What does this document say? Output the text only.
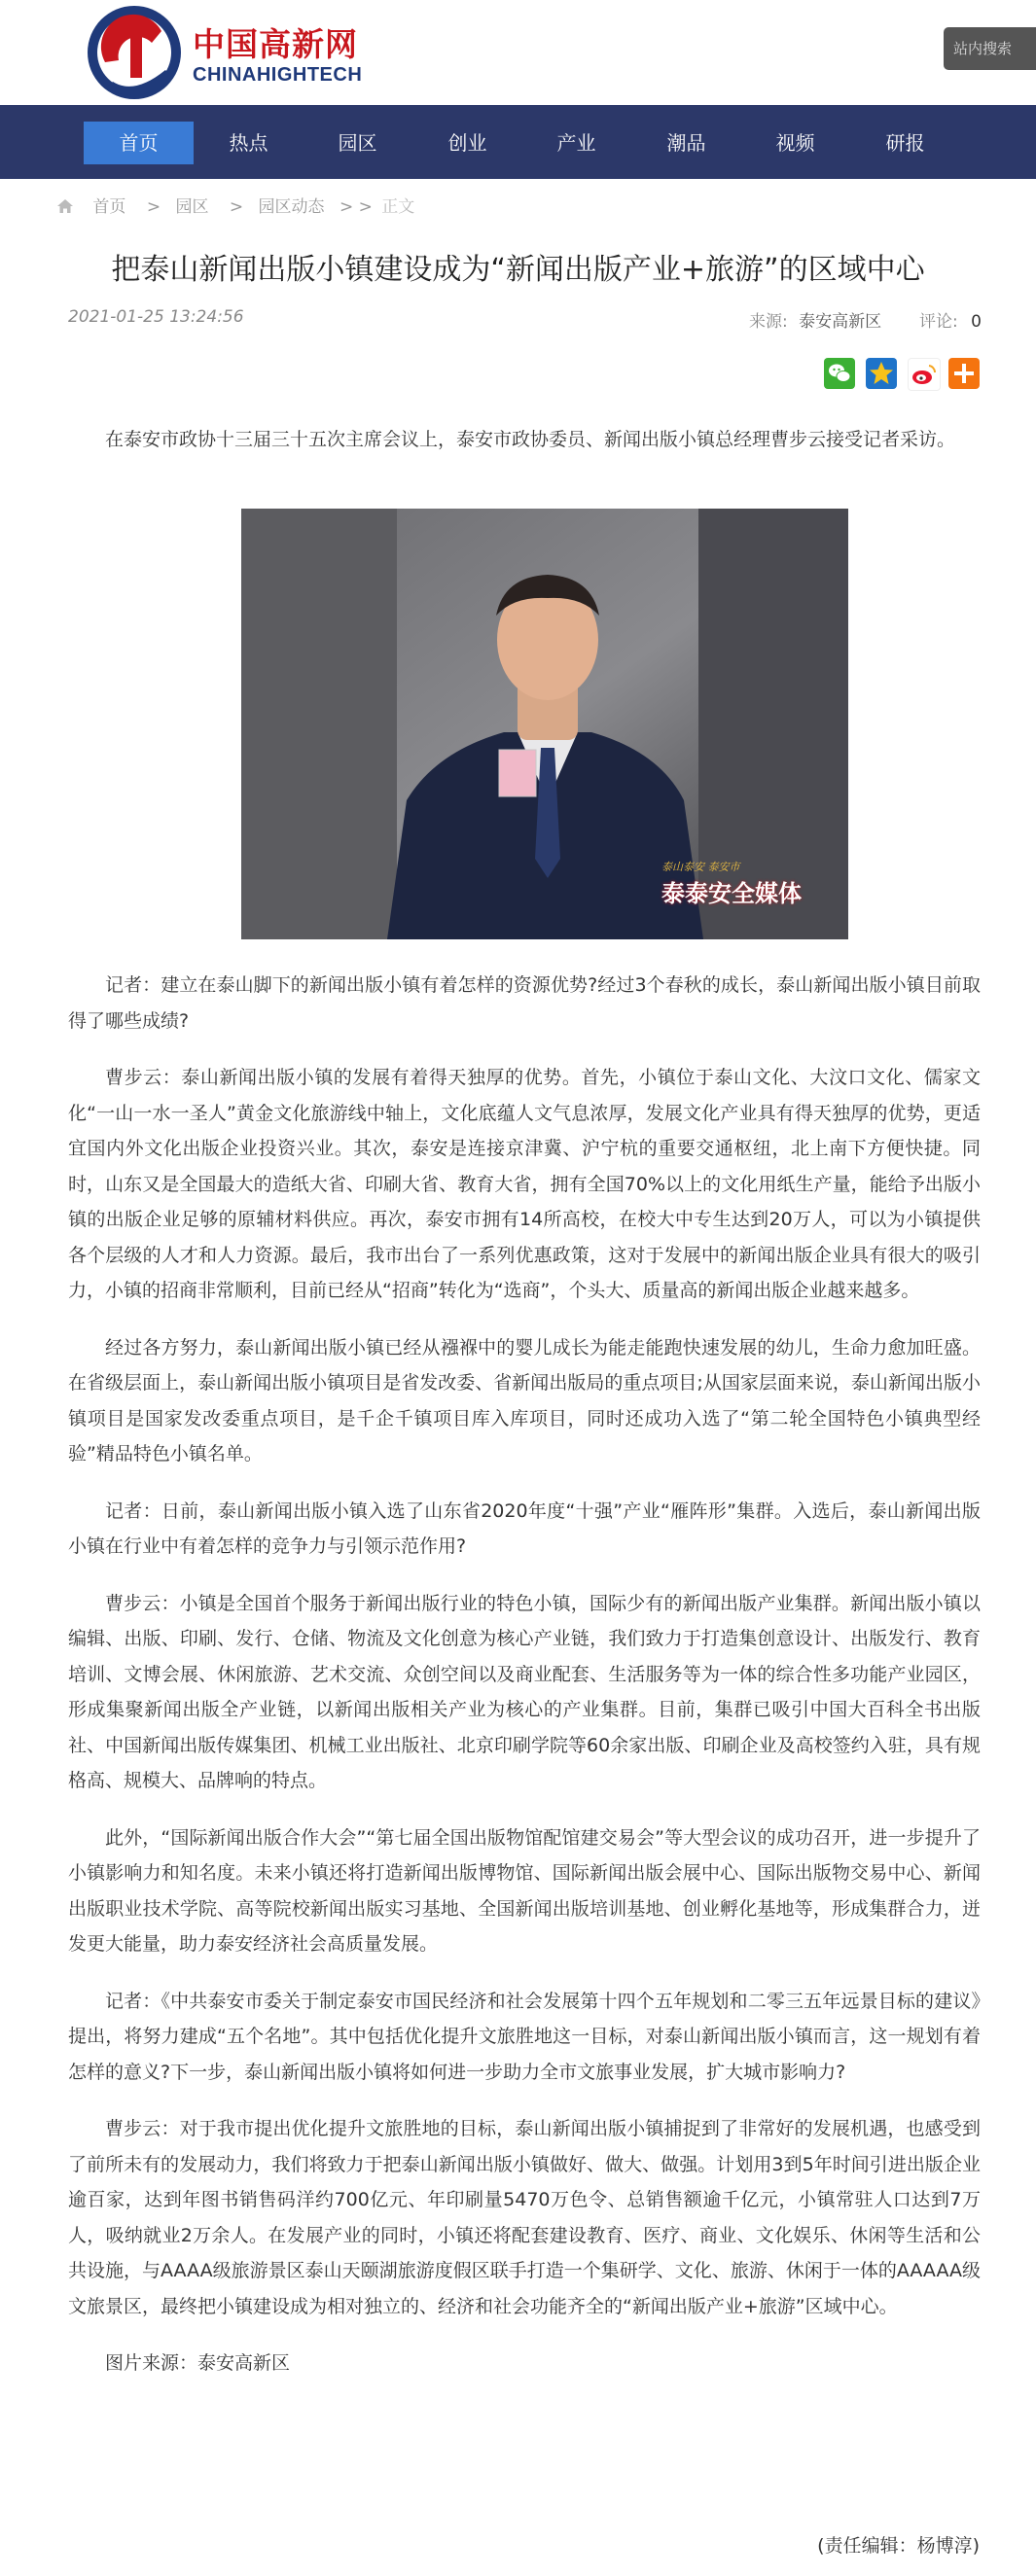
中国高新网
CHINAHIGHTECH
站内搜索
首页	热点	园区	创业	产业	潮品	视频	研报
首页 > 园区 > 园区动态 > > 正文
把泰山新闻出版小镇建设成为“新闻出版产业+旅游”的区域中心
2021-01-25 13:24:56	来源: 泰安高新区 评论: 0

在泰安市政协十三届三十五次主席会议上，泰安市政协委员、新闻出版小镇总经理曹步云接受记者采访。

泰山泰安 泰安市
泰泰安全媒体

记者：建立在泰山脚下的新闻出版小镇有着怎样的资源优势?经过3个春秋的成长，泰山新闻出版小镇目前取得了哪些成绩?

曹步云：泰山新闻出版小镇的发展有着得天独厚的优势。首先，小镇位于泰山文化、大汶口文化、儒家文化“一山一水一圣人”黄金文化旅游线中轴上，文化底蕴人文气息浓厚，发展文化产业具有得天独厚的优势，更适宜国内外文化出版企业投资兴业。其次，泰安是连接京津冀、沪宁杭的重要交通枢纽，北上南下方便快捷。同时，山东又是全国最大的造纸大省、印刷大省、教育大省，拥有全国70%以上的文化用纸生产量，能给予出版小镇的出版企业足够的原辅材料供应。再次，泰安市拥有14所高校，在校大中专生达到20万人，可以为小镇提供各个层级的人才和人力资源。最后，我市出台了一系列优惠政策，这对于发展中的新闻出版企业具有很大的吸引力，小镇的招商非常顺利，目前已经从“招商”转化为“选商”，个头大、质量高的新闻出版企业越来越多。

经过各方努力，泰山新闻出版小镇已经从襁褓中的婴儿成长为能走能跑快速发展的幼儿，生命力愈加旺盛。在省级层面上，泰山新闻出版小镇项目是省发改委、省新闻出版局的重点项目;从国家层面来说，泰山新闻出版小镇项目是国家发改委重点项目，是千企千镇项目库入库项目，同时还成功入选了“第二轮全国特色小镇典型经验”精品特色小镇名单。

记者：日前，泰山新闻出版小镇入选了山东省2020年度“十强”产业“雁阵形”集群。入选后，泰山新闻出版小镇在行业中有着怎样的竞争力与引领示范作用?

曹步云：小镇是全国首个服务于新闻出版行业的特色小镇，国际少有的新闻出版产业集群。新闻出版小镇以编辑、出版、印刷、发行、仓储、物流及文化创意为核心产业链，我们致力于打造集创意设计、出版发行、教育培训、文博会展、休闲旅游、艺术交流、众创空间以及商业配套、生活服务等为一体的综合性多功能产业园区，形成集聚新闻出版全产业链，以新闻出版相关产业为核心的产业集群。目前，集群已吸引中国大百科全书出版社、中国新闻出版传媒集团、机械工业出版社、北京印刷学院等60余家出版、印刷企业及高校签约入驻，具有规格高、规模大、品牌响的特点。

此外，“国际新闻出版合作大会”“第七届全国出版物馆配馆建交易会”等大型会议的成功召开，进一步提升了小镇影响力和知名度。未来小镇还将打造新闻出版博物馆、国际新闻出版会展中心、国际出版物交易中心、新闻出版职业技术学院、高等院校新闻出版实习基地、全国新闻出版培训基地、创业孵化基地等，形成集群合力，迸发更大能量，助力泰安经济社会高质量发展。

记者：《中共泰安市委关于制定泰安市国民经济和社会发展第十四个五年规划和二零三五年远景目标的建议》提出，将努力建成“五个名地”。其中包括优化提升文旅胜地这一目标，对泰山新闻出版小镇而言，这一规划有着怎样的意义?下一步，泰山新闻出版小镇将如何进一步助力全市文旅事业发展，扩大城市影响力?

曹步云：对于我市提出优化提升文旅胜地的目标，泰山新闻出版小镇捕捉到了非常好的发展机遇，也感受到了前所未有的发展动力，我们将致力于把泰山新闻出版小镇做好、做大、做强。计划用3到5年时间引进出版企业逾百家，达到年图书销售码洋约700亿元、年印刷量5470万色令、总销售额逾千亿元，小镇常驻人口达到7万人，吸纳就业2万余人。在发展产业的同时，小镇还将配套建设教育、医疗、商业、文化娱乐、休闲等生活和公共设施，与AAAA级旅游景区泰山天颐湖旅游度假区联手打造一个集研学、文化、旅游、休闲于一体的AAAAA级文旅景区，最终把小镇建设成为相对独立的、经济和社会功能齐全的“新闻出版产业+旅游”区域中心。

图片来源：泰安高新区

(责任编辑：杨博淳)
